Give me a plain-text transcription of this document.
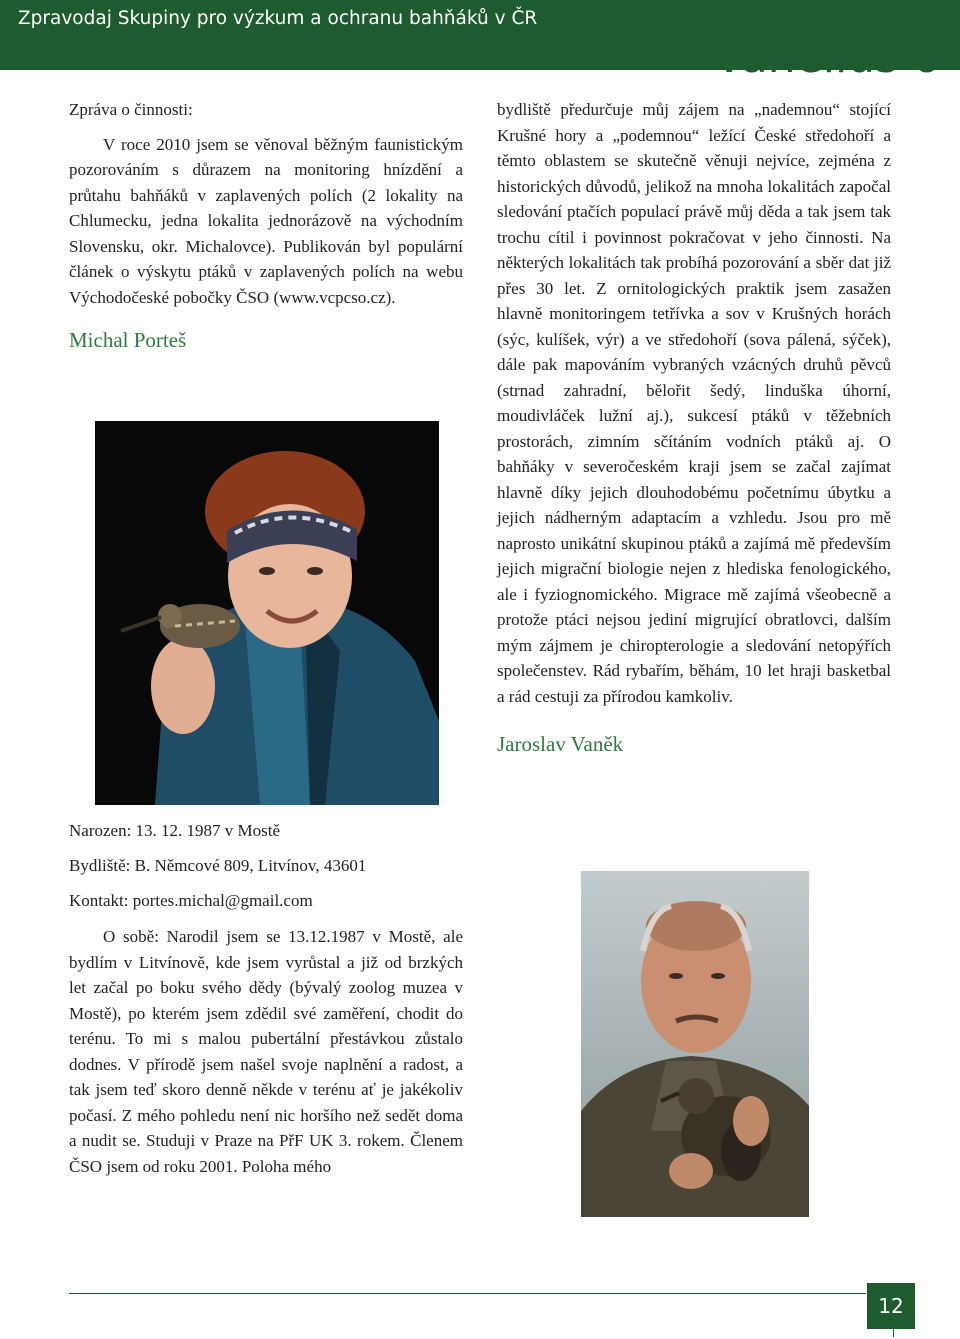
Zpravodaj Skupiny pro výzkum a ochranu bahňáků v ČR
Vanellus 6

Zpráva o činnosti:

V roce 2010 jsem se věnoval běžným faunistickým pozorováním s důrazem na monitoring hnízdění a průtahu bahňáků v zaplavených polích (2 lokality na Chlumecku, jedna lokalita jednorázově na východním Slovensku, okr. Michalovce). Publikován byl populární článek o výskytu ptáků v zaplavených polích na webu Východočeské pobočky ČSO (www.vcpcso.cz).

Michal Porteš

Narozen: 13. 12. 1987 v Mostě
Bydliště: B. Němcové 809, Litvínov, 43601
Kontakt: portes.michal@gmail.com

O sobě: Narodil jsem se 13.12.1987 v Mostě, ale bydlím v Litvínově, kde jsem vyrůstal a již od brzkých let začal po boku svého dědy (bývalý zoolog muzea v Mostě), po kterém jsem zdědil své zaměření, chodit do terénu. To mi s malou pubertální přestávkou zůstalo dodnes. V přírodě jsem našel svoje naplnění a radost, a tak jsem teď skoro denně někde v terénu ať je jakékoliv počasí. Z mého pohledu není nic horšího než sedět doma a nudit se. Studuji v Praze na PřF UK 3. rokem. Členem ČSO jsem od roku 2001. Poloha mého

bydliště předurčuje můj zájem na „nademnou“ stojící Krušné hory a „podemnou“ ležící České středohoří a těmto oblastem se skutečně věnuji nejvíce, zejména z historických důvodů, jelikož na mnoha lokalitách započal sledování ptačích populací právě můj děda a tak jsem tak trochu cítil i povinnost pokračovat v jeho činnosti. Na některých lokalitách tak probíhá pozorování a sběr dat již přes 30 let. Z ornitologických praktik jsem zasažen hlavně monitoringem tetřívka a sov v Krušných horách (sýc, kulíšek, výr) a ve středohoří (sova pálená, sýček), dále pak mapováním vybraných vzácných druhů pěvců (strnad zahradní, bělořit šedý, linduška úhorní, moudivláček lužní aj.), sukcesí ptáků v těžebních prostorách, zimním sčítáním vodních ptáků aj. O bahňáky v severočeském kraji jsem se začal zajímat hlavně díky jejich dlouhodobému početnímu úbytku a jejich nádherným adaptacím a vzhledu. Jsou pro mě naprosto unikátní skupinou ptáků a zajímá mě především jejich migrační biologie nejen z hlediska fenologického, ale i fyziognomického. Migrace mě zajímá všeobecně a protože ptáci nejsou jediní migrující obratlovci, dalším mým zájmem je chiropterologie a sledování netopýřích společenstev. Rád rybařím, běhám, 10 let hraji basketbal a rád cestuji za přírodou kamkoliv.

Jaroslav Vaněk

12
